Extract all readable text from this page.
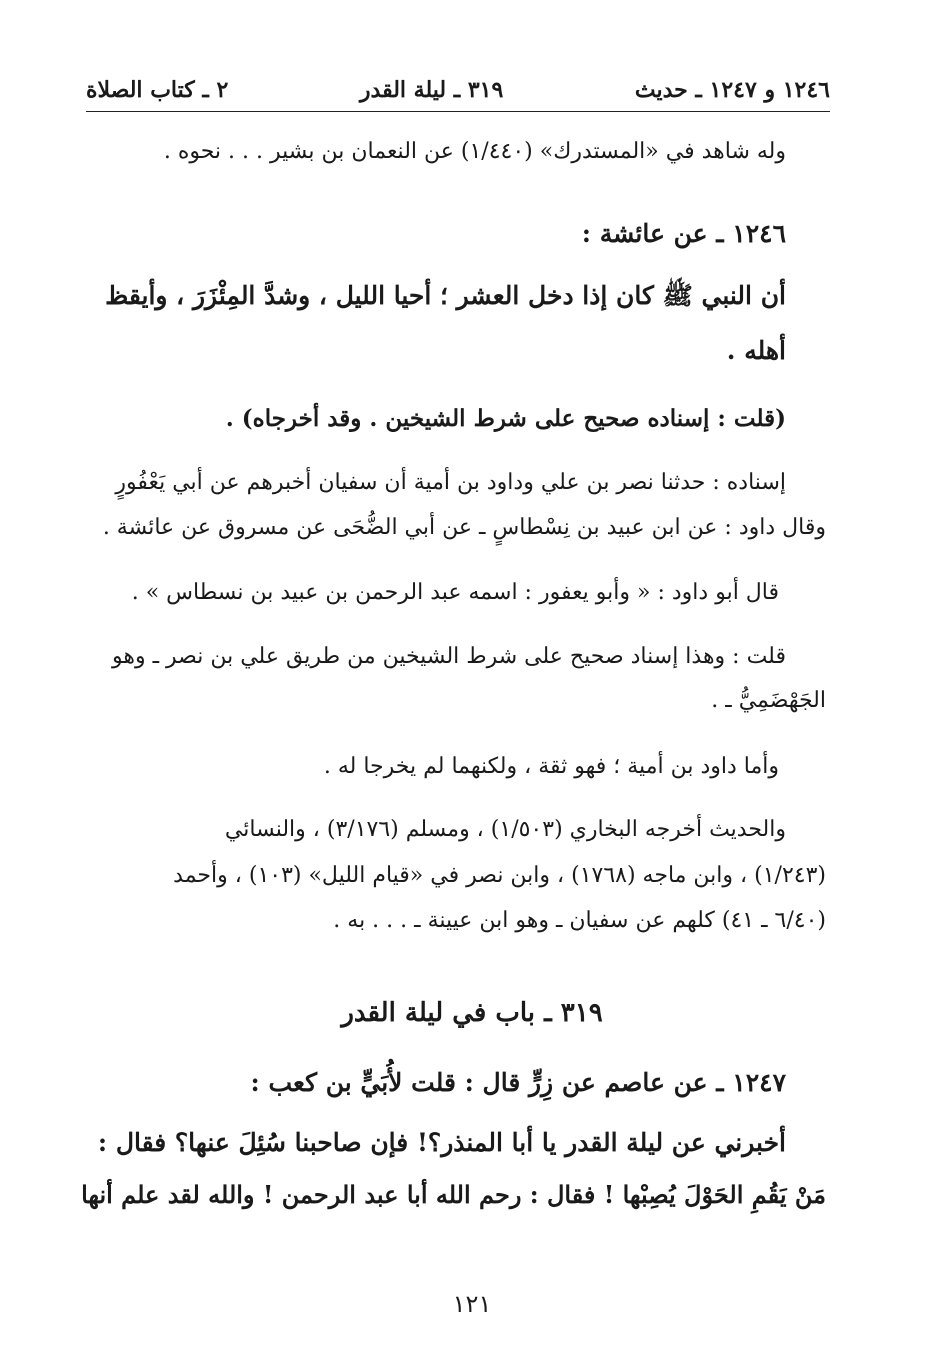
٢ ـ كتاب الصلاة	٣١٩ ـ ليلة القدر	١٢٤٦ و ١٢٤٧ ـ حديث
وله شاهد في «المستدرك» (١/٤٤٠) عن النعمان بن بشير . . . نحوه .
١٢٤٦ ـ عن عائشة :
أن النبي ﷺ كان إذا دخل العشر ؛ أحيا الليل ، وشدَّ المِئْزَرَ ، وأيقظ
أهله .
(قلت : إسناده صحيح على شرط الشيخين . وقد أخرجاه) .
إسناده : حدثنا نصر بن علي وداود بن أمية أن سفيان أخبرهم عن أبي يَعْفُورٍ
وقال داود : عن ابن عبيد بن نِسْطاسٍ ـ عن أبي الضُّحَى عن مسروق عن عائشة .
قال أبو داود : « وأبو يعفور : اسمه عبد الرحمن بن عبيد بن نسطاس » .
قلت : وهذا إسناد صحيح على شرط الشيخين من طريق علي بن نصر ـ وهو
الجَهْضَمِيُّ ـ .
وأما داود بن أمية ؛ فهو ثقة ، ولكنهما لم يخرجا له .
والحديث أخرجه البخاري (١/٥٠٣) ، ومسلم (٣/١٧٦) ، والنسائي
(١/٢٤٣) ، وابن ماجه (١٧٦٨) ، وابن نصر في «قيام الليل» (١٠٣) ، وأحمد
(٦/٤٠ ـ ٤١) كلهم عن سفيان ـ وهو ابن عيينة ـ . . . به .
٣١٩ ـ باب في ليلة القدر
١٢٤٧ ـ عن عاصم عن زِرٍّ قال : قلت لأُبَيٍّ بن كعب :
أخبرني عن ليلة القدر يا أبا المنذر؟! فإن صاحبنا سُئِلَ عنها؟ فقال :
مَنْ يَقُمِ الحَوْلَ يُصِبْها ! فقال : رحم الله أبا عبد الرحمن ! والله لقد علم أنها
١٢١
